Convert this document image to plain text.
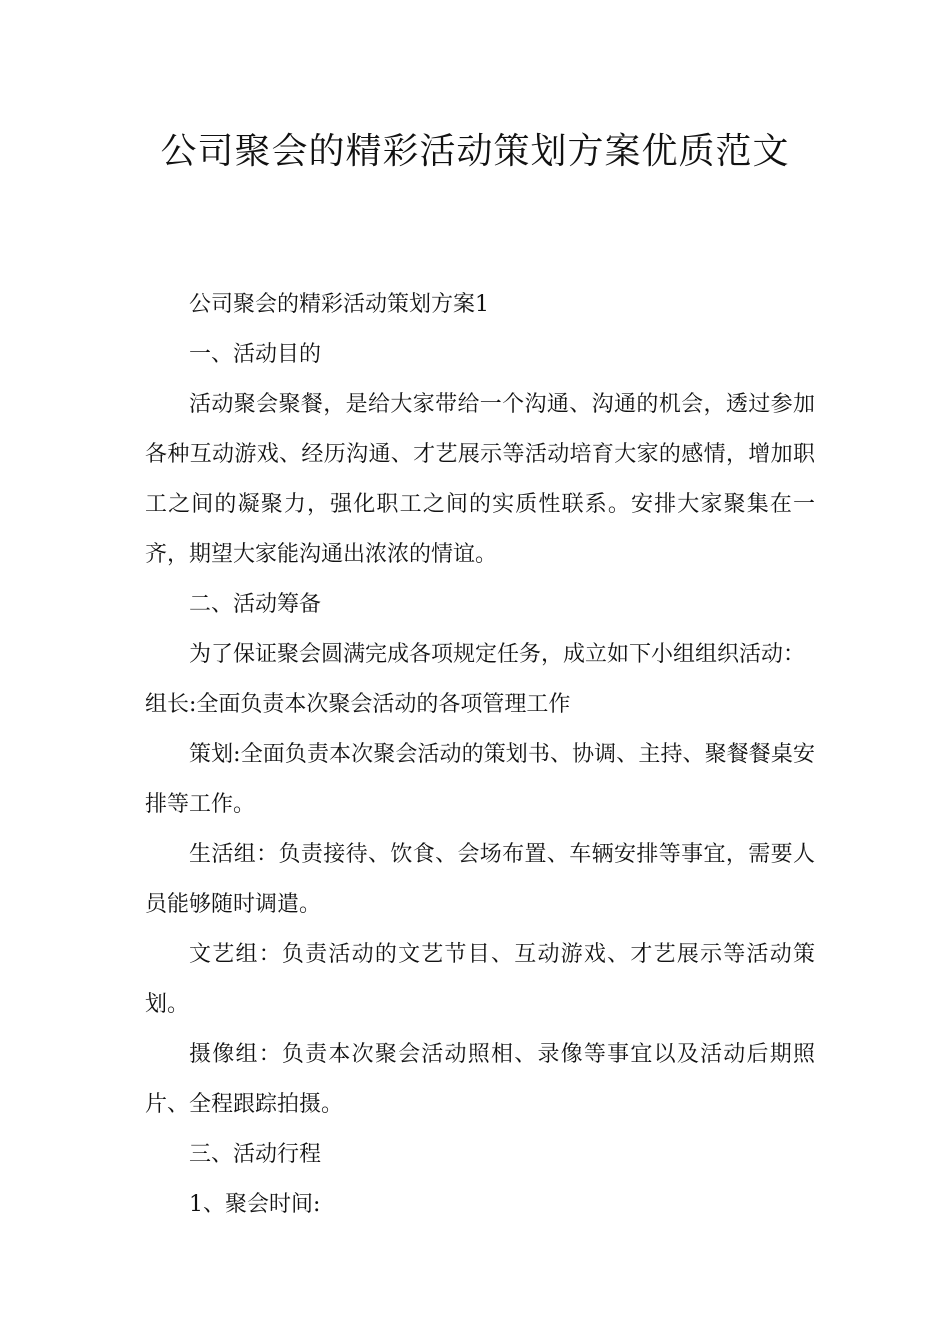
公司聚会的精彩活动策划方案优质范文

公司聚会的精彩活动策划方案1

一、活动目的

活动聚会聚餐，是给大家带给一个沟通、沟通的机会，透过参加各种互动游戏、经历沟通、才艺展示等活动培育大家的感情，增加职工之间的凝聚力，强化职工之间的实质性联系。安排大家聚集在一齐，期望大家能沟通出浓浓的情谊。

二、活动筹备

为了保证聚会圆满完成各项规定任务，成立如下小组组织活动：

组长:全面负责本次聚会活动的各项管理工作

策划:全面负责本次聚会活动的策划书、协调、主持、聚餐餐桌安排等工作。

生活组：负责接待、饮食、会场布置、车辆安排等事宜，需要人员能够随时调遣。

文艺组：负责活动的文艺节目、互动游戏、才艺展示等活动策划。

摄像组：负责本次聚会活动照相、录像等事宜以及活动后期照片、全程跟踪拍摄。

三、活动行程

1、聚会时间:
